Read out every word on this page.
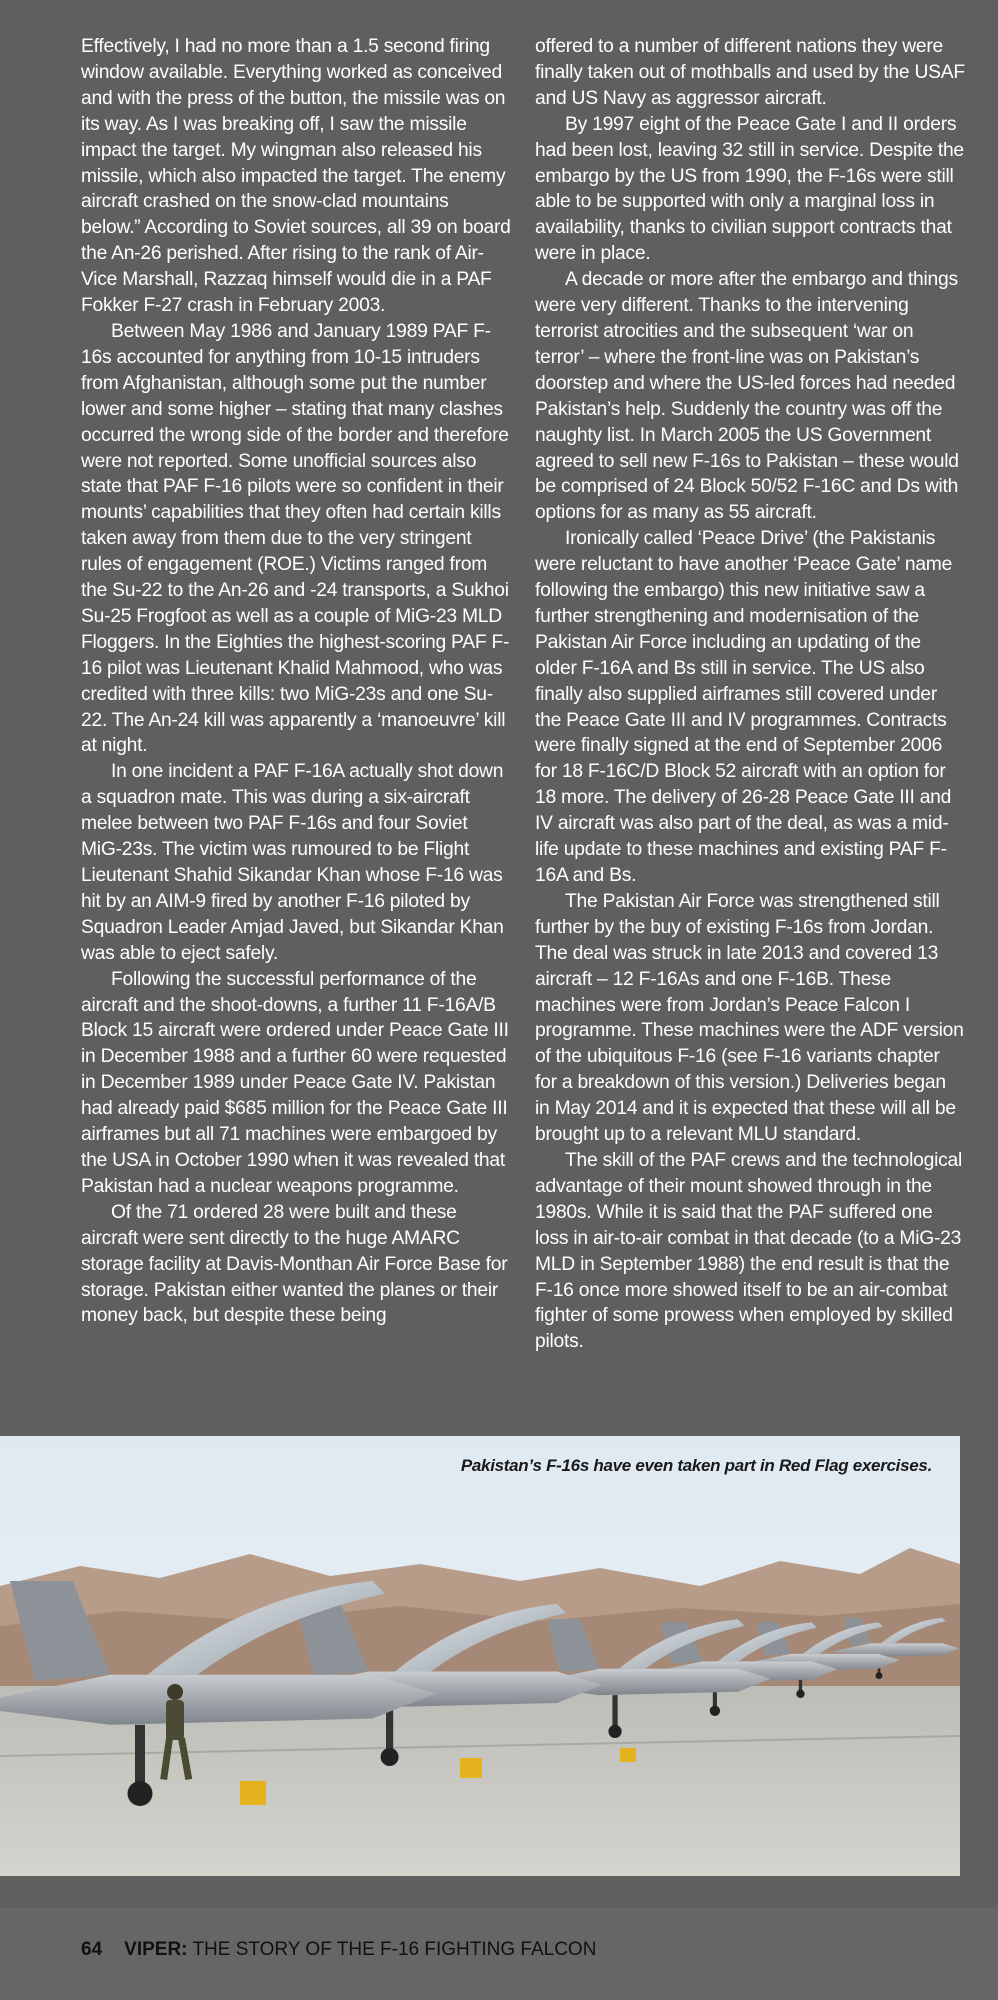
Effectively, I had no more than a 1.5 second firing window available. Everything worked as conceived and with the press of the button, the missile was on its way. As I was breaking off, I saw the missile impact the target. My wingman also released his missile, which also impacted the target. The enemy aircraft crashed on the snow-clad mountains below.” According to Soviet sources, all 39 on board the An-26 perished. After rising to the rank of Air-Vice Marshall, Razzaq himself would die in a PAF Fokker F-27 crash in February 2003.

Between May 1986 and January 1989 PAF F-16s accounted for anything from 10-15 intruders from Afghanistan, although some put the number lower and some higher – stating that many clashes occurred the wrong side of the border and therefore were not reported. Some unofficial sources also state that PAF F-16 pilots were so confident in their mounts’ capabilities that they often had certain kills taken away from them due to the very stringent rules of engagement (ROE.) Victims ranged from the Su-22 to the An-26 and -24 transports, a Sukhoi Su-25 Frogfoot as well as a couple of MiG-23 MLD Floggers. In the Eighties the highest-scoring PAF F-16 pilot was Lieutenant Khalid Mahmood, who was credited with three kills: two MiG-23s and one Su-22. The An-24 kill was apparently a ‘manoeuvre’ kill at night.

In one incident a PAF F-16A actually shot down a squadron mate. This was during a six-aircraft melee between two PAF F-16s and four Soviet MiG-23s. The victim was rumoured to be Flight Lieutenant Shahid Sikandar Khan whose F-16 was hit by an AIM-9 fired by another F-16 piloted by Squadron Leader Amjad Javed, but Sikandar Khan was able to eject safely.

Following the successful performance of the aircraft and the shoot-downs, a further 11 F-16A/B Block 15 aircraft were ordered under Peace Gate III in December 1988 and a further 60 were requested in December 1989 under Peace Gate IV. Pakistan had already paid $685 million for the Peace Gate III airframes but all 71 machines were embargoed by the USA in October 1990 when it was revealed that Pakistan had a nuclear weapons programme.

Of the 71 ordered 28 were built and these aircraft were sent directly to the huge AMARC storage facility at Davis-Monthan Air Force Base for storage. Pakistan either wanted the planes or their money back, but despite these being

offered to a number of different nations they were finally taken out of mothballs and used by the USAF and US Navy as aggressor aircraft.

By 1997 eight of the Peace Gate I and II orders had been lost, leaving 32 still in service. Despite the embargo by the US from 1990, the F-16s were still able to be supported with only a marginal loss in availability, thanks to civilian support contracts that were in place.

A decade or more after the embargo and things were very different. Thanks to the intervening terrorist atrocities and the subsequent ‘war on terror’ – where the front-line was on Pakistan’s doorstep and where the US-led forces had needed Pakistan’s help. Suddenly the country was off the naughty list. In March 2005 the US Government agreed to sell new F-16s to Pakistan – these would be comprised of 24 Block 50/52 F-16C and Ds with options for as many as 55 aircraft.

Ironically called ‘Peace Drive’ (the Pakistanis were reluctant to have another ‘Peace Gate’ name following the embargo) this new initiative saw a further strengthening and modernisation of the Pakistan Air Force including an updating of the older F-16A and Bs still in service. The US also finally also supplied airframes still covered under the Peace Gate III and IV programmes. Contracts were finally signed at the end of September 2006 for 18 F-16C/D Block 52 aircraft with an option for 18 more. The delivery of 26-28 Peace Gate III and IV aircraft was also part of the deal, as was a mid-life update to these machines and existing PAF F-16A and Bs.

The Pakistan Air Force was strengthened still further by the buy of existing F-16s from Jordan. The deal was struck in late 2013 and covered 13 aircraft – 12 F-16As and one F-16B. These machines were from Jordan’s Peace Falcon I programme. These machines were the ADF version of the ubiquitous F-16 (see F-16 variants chapter for a breakdown of this version.) Deliveries began in May 2014 and it is expected that these will all be brought up to a relevant MLU standard.

The skill of the PAF crews and the technological advantage of their mount showed through in the 1980s. While it is said that the PAF suffered one loss in air-to-air combat in that decade (to a MiG-23 MLD in September 1988) the end result is that the F-16 once more showed itself to be an air-combat fighter of some prowess when employed by skilled pilots.

Pakistan’s F-16s have even taken part in Red Flag exercises.
64 VIPER: THE STORY OF THE F-16 FIGHTING FALCON
